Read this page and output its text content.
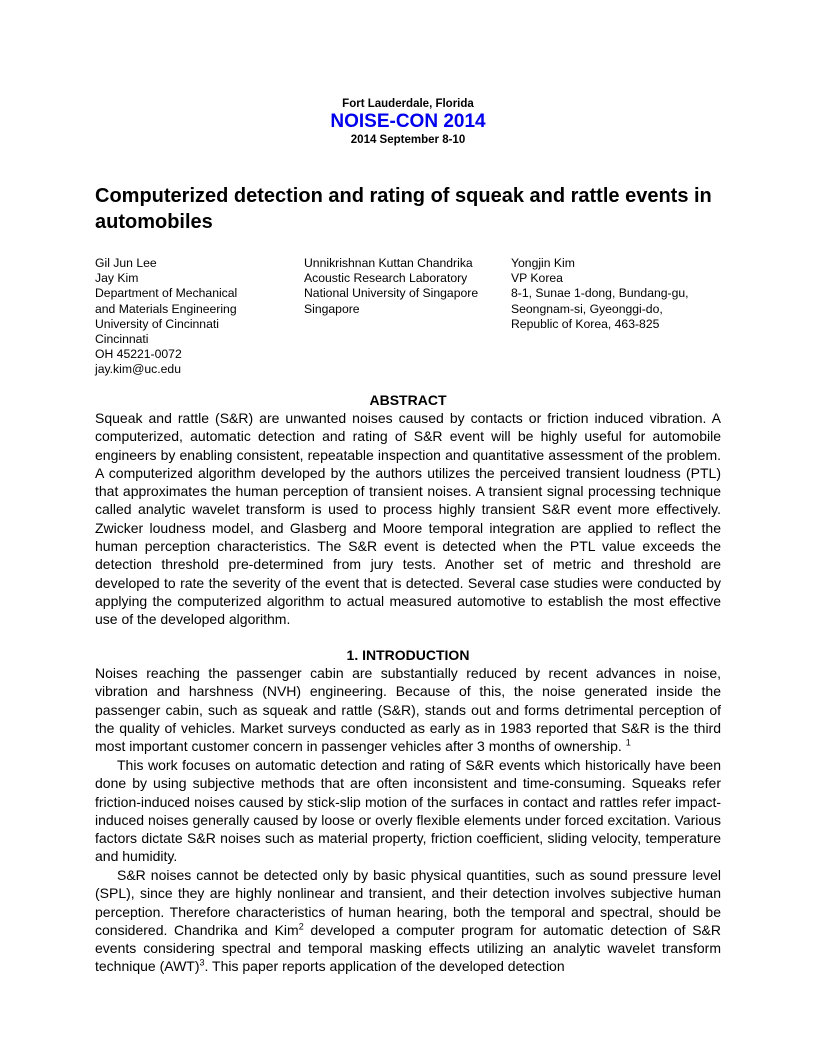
Fort Lauderdale, Florida
NOISE-CON 2014
2014 September 8-10
Computerized detection and rating of squeak and rattle events in automobiles
Gil Jun Lee
Jay Kim
Department of Mechanical
and Materials Engineering
University of Cincinnati
Cincinnati
OH 45221-0072
jay.kim@uc.edu
Unnikrishnan Kuttan Chandrika
Acoustic Research Laboratory
National University of Singapore
Singapore
Yongjin Kim
VP Korea
8-1, Sunae 1-dong, Bundang-gu,
Seongnam-si, Gyeonggi-do,
Republic of Korea, 463-825
ABSTRACT

Squeak and rattle (S&R) are unwanted noises caused by contacts or friction induced vibration. A computerized, automatic detection and rating of S&R event will be highly useful for automobile engineers by enabling consistent, repeatable inspection and quantitative assessment of the problem. A computerized algorithm developed by the authors utilizes the perceived transient loudness (PTL) that approximates the human perception of transient noises. A transient signal processing technique called analytic wavelet transform is used to process highly transient S&R event more effectively. Zwicker loudness model, and Glasberg and Moore temporal integration are applied to reflect the human perception characteristics. The S&R event is detected when the PTL value exceeds the detection threshold pre-determined from jury tests. Another set of metric and threshold are developed to rate the severity of the event that is detected. Several case studies were conducted by applying the computerized algorithm to actual measured automotive to establish the most effective use of the developed algorithm.

1. INTRODUCTION

Noises reaching the passenger cabin are substantially reduced by recent advances in noise, vibration and harshness (NVH) engineering. Because of this, the noise generated inside the passenger cabin, such as squeak and rattle (S&R), stands out and forms detrimental perception of the quality of vehicles. Market surveys conducted as early as in 1983 reported that S&R is the third most important customer concern in passenger vehicles after 3 months of ownership. $^1$

This work focuses on automatic detection and rating of S&R events which historically have been done by using subjective methods that are often inconsistent and time-consuming. Squeaks refer friction-induced noises caused by stick-slip motion of the surfaces in contact and rattles refer impact-induced noises generally caused by loose or overly flexible elements under forced excitation. Various factors dictate S&R noises such as material property, friction coefficient, sliding velocity, temperature and humidity.

S&R noises cannot be detected only by basic physical quantities, such as sound pressure level (SPL), since they are highly nonlinear and transient, and their detection involves subjective human perception. Therefore characteristics of human hearing, both the temporal and spectral, should be considered. Chandrika and Kim$^2$ developed a computer program for automatic detection of S&R events considering spectral and temporal masking effects utilizing an analytic wavelet transform technique (AWT)$^3$. This paper reports application of the developed detection
